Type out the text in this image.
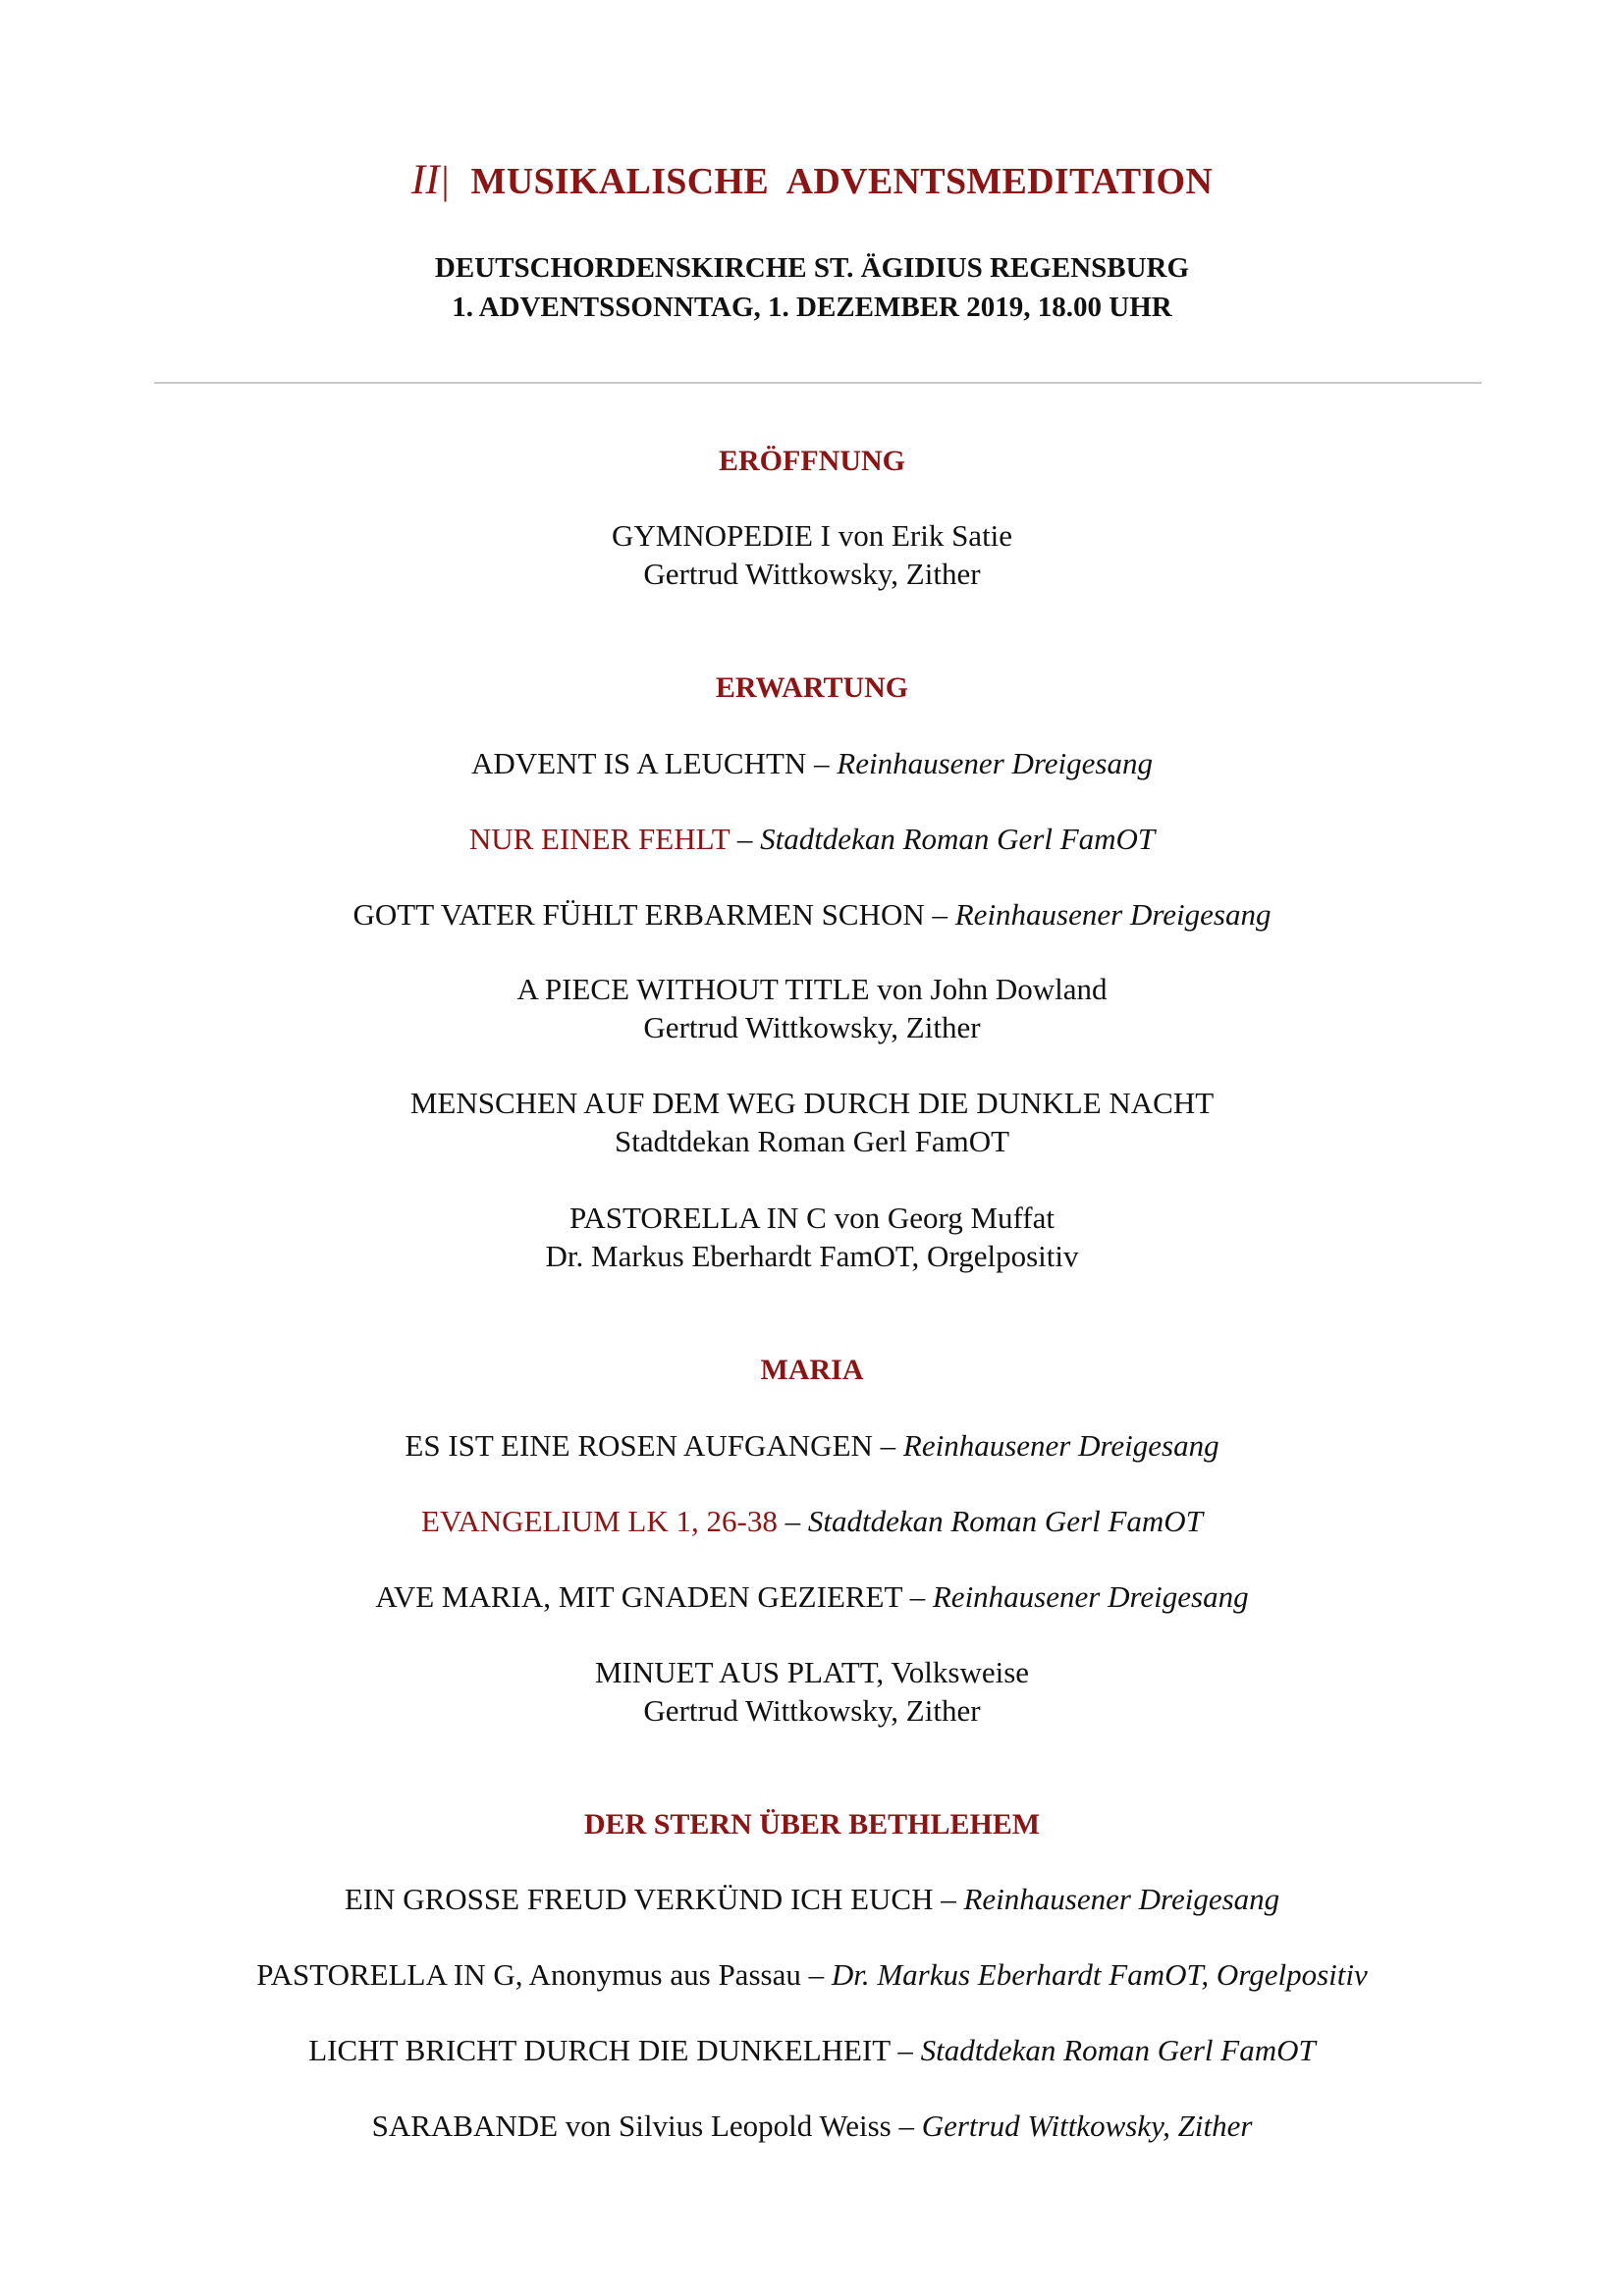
II| MUSIKALISCHE ADVENTSMEDITATION
DEUTSCHORDENSKIRCHE ST. ÄGIDIUS REGENSBURG
1. ADVENTSSONNTAG, 1. DEZEMBER 2019, 18.00 UHR
ERÖFFNUNG
GYMNOPEDIE I von Erik Satie
Gertrud Wittkowsky, Zither
ERWARTUNG
ADVENT IS A LEUCHTN – Reinhausener Dreigesang
NUR EINER FEHLT – Stadtdekan Roman Gerl FamOT
GOTT VATER FÜHLT ERBARMEN SCHON – Reinhausener Dreigesang
A PIECE WITHOUT TITLE von John Dowland
Gertrud Wittkowsky, Zither
MENSCHEN AUF DEM WEG DURCH DIE DUNKLE NACHT
Stadtdekan Roman Gerl FamOT
PASTORELLA IN C von Georg Muffat
Dr. Markus Eberhardt FamOT, Orgelpositiv
MARIA
ES IST EINE ROSEN AUFGANGEN – Reinhausener Dreigesang
EVANGELIUM LK 1, 26-38 – Stadtdekan Roman Gerl FamOT
AVE MARIA, MIT GNADEN GEZIERET – Reinhausener Dreigesang
MINUET AUS PLATT, Volksweise
Gertrud Wittkowsky, Zither
DER STERN ÜBER BETHLEHEM
EIN GROSSE FREUD VERKÜND ICH EUCH – Reinhausener Dreigesang
PASTORELLA IN G, Anonymus aus Passau – Dr. Markus Eberhardt FamOT, Orgelpositiv
LICHT BRICHT DURCH DIE DUNKELHEIT – Stadtdekan Roman Gerl FamOT
SARABANDE von Silvius Leopold Weiss – Gertrud Wittkowsky, Zither
